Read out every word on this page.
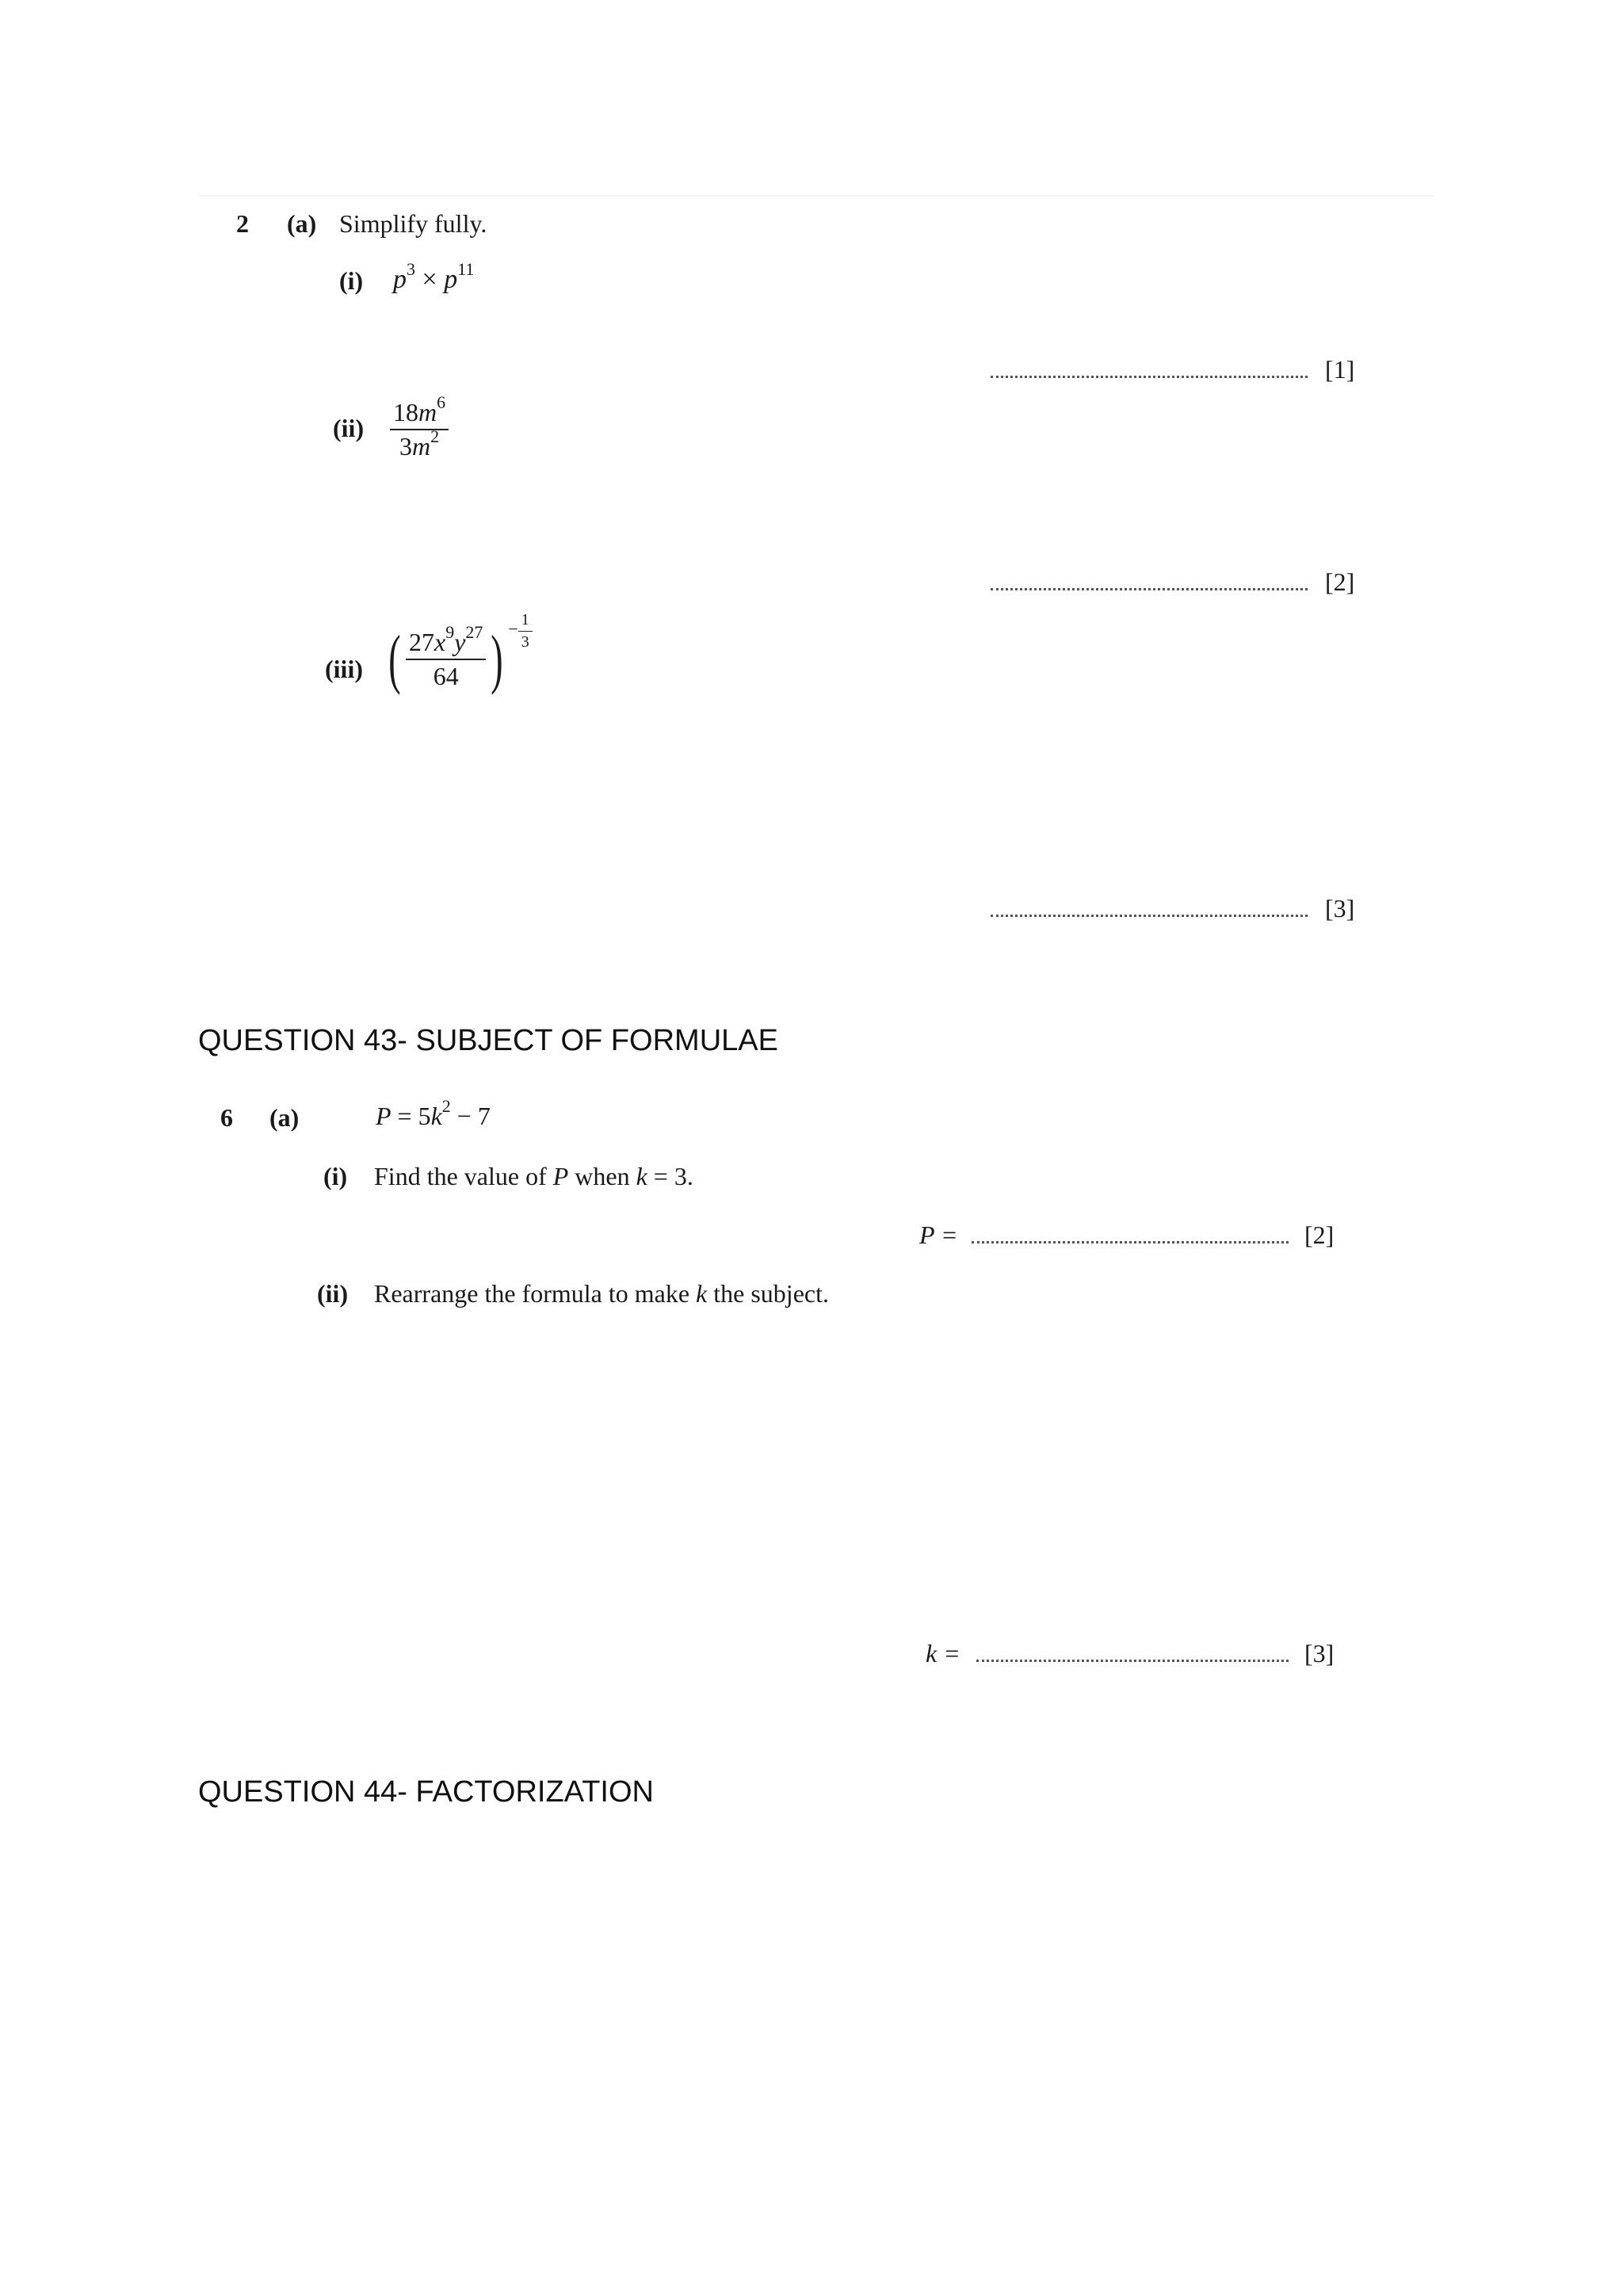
2 (a) Simplify fully.
(i) $p^3 \times p^{11}$
[1]
$(ii) \frac{18m^6}{3m^2}$
[2]
(iii) ( $\frac{27x^9y^{27}}{64}$ ) $^{- \frac{1}{3}}$
[3]
QUESTION 43- SUBJECT OF FORMULAE
6 (a)	$P = 5k^2 - 7$
(i) Find the value of P when k = 3.
P =	[2]
(ii) Rearrange the formula to make k the subject.
k =	[3]
QUESTION 44- FACTORIZATION
